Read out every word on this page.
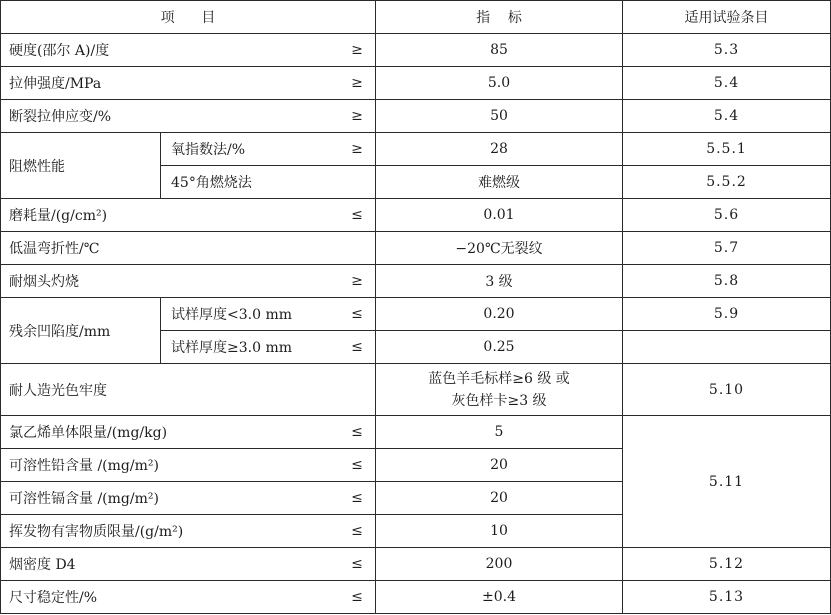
项      目		指    标	适用试验条目

硬度(邵尔 A)/度 ≥		85	5.3

拉伸强度/MPa ≥		5.0	5.4

断裂拉伸应变/% ≥		50	5.4
阻燃性能	氧指数法/% ≥	28	5.5.1

	45°角燃烧法	难燃级	5.5.2

磨耗量/(g/cm²) ≤		0.01	5.6

低温弯折性/℃		−20℃无裂纹	5.7

耐烟头灼烧 ≥		3 级	5.8
残余凹陷度/mm	试样厚度<3.0 mm ≤	0.20	5.9

	试样厚度≥3.0 mm ≤	0.25	

耐人造光色牢度		蓝色羊毛标样≥6 级 或
灰色样卡≥3 级	5.10

氯乙烯单体限量/(mg/kg) ≤		5	5.11

可溶性铅含量 /(mg/m²) ≤		20	

可溶性镉含量 /(mg/m²) ≤		20	

挥发物有害物质限量/(g/m²) ≤		10	

烟密度 D4 ≤		200	5.12

尺寸稳定性/% ≤		±0.4	5.13
